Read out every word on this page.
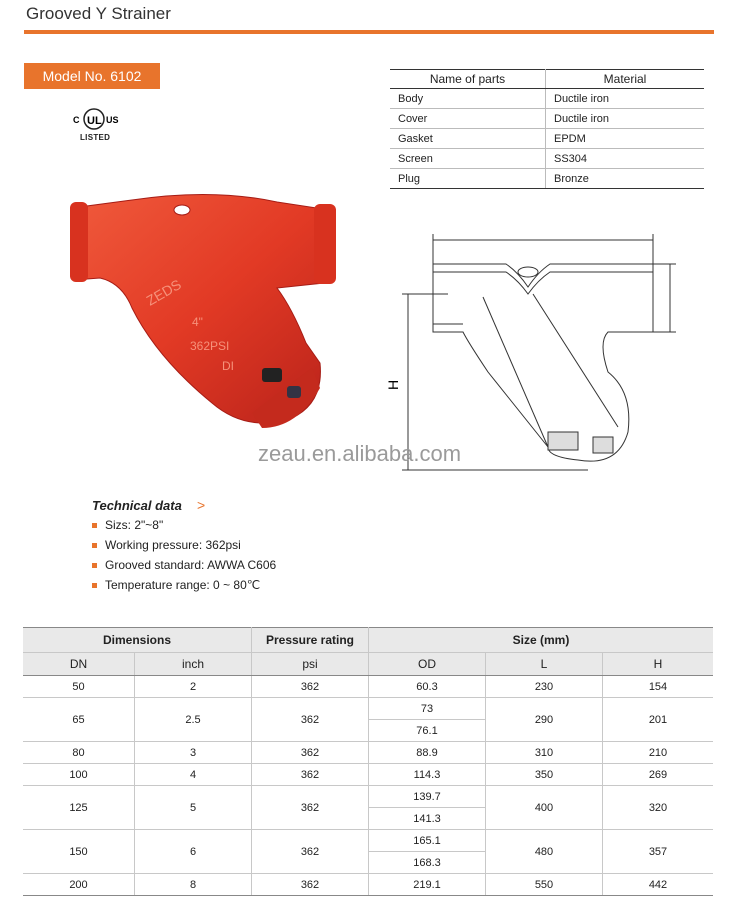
Grooved Y Strainer
Model No. 6102
C UL US
LISTED
Name of parts	Material
Body	Ductile iron
Cover	Ductile iron
Gasket	EPDM
Screen	SS304
Plug	Bronze
ZEDS
4"
362PSI
DI
H
zeau.en.alibaba.com
Technical data >
Sizs: 2"~8"
Working pressure: 362psi
Grooved standard: AWWA C606
Temperature range: 0 ~ 80℃
Dimensions		Pressure rating	Size (mm)		
DN	inch	psi	OD	L	H
50	2	362	60.3	230	154
65	2.5	362	73	290	201
			76.1		
80	3	362	88.9	310	210
100	4	362	114.3	350	269
125	5	362	139.7	400	320
			141.3		
150	6	362	165.1	480	357
			168.3		
200	8	362	219.1	550	442
